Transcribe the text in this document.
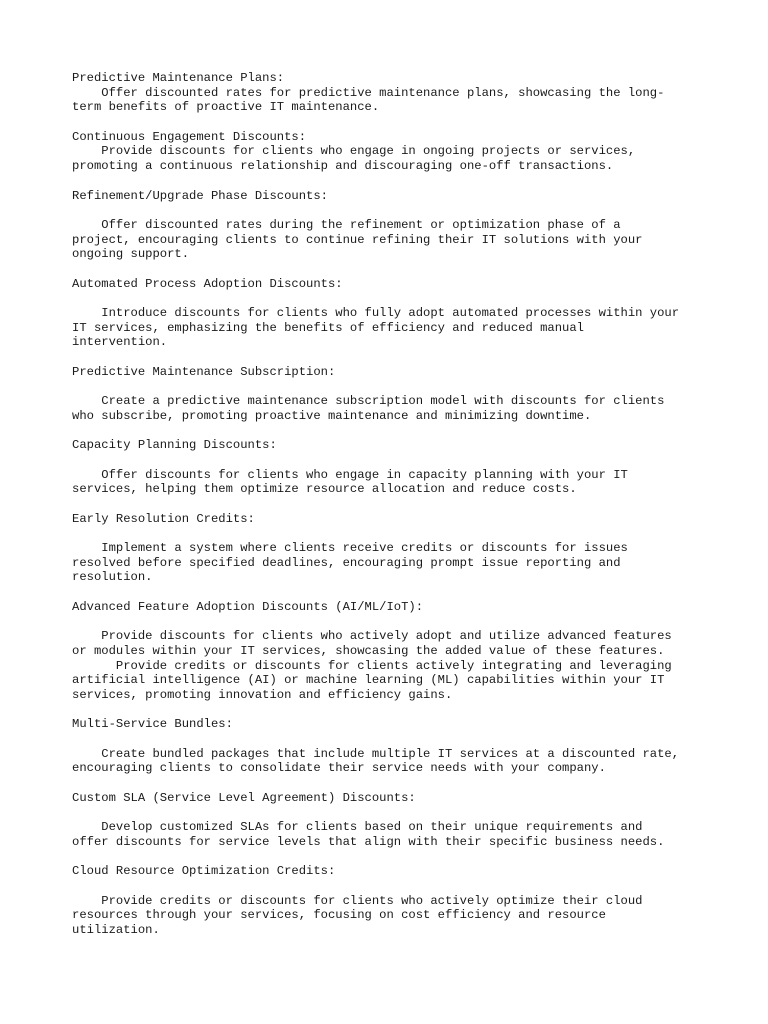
Predictive Maintenance Plans:
Offer discounted rates for predictive maintenance plans, showcasing the long-
term benefits of proactive IT maintenance.
Continuous Engagement Discounts:
Provide discounts for clients who engage in ongoing projects or services,
promoting a continuous relationship and discouraging one-off transactions.
Refinement/Upgrade Phase Discounts:
Offer discounted rates during the refinement or optimization phase of a
project, encouraging clients to continue refining their IT solutions with your
ongoing support.
Automated Process Adoption Discounts:
Introduce discounts for clients who fully adopt automated processes within your
IT services, emphasizing the benefits of efficiency and reduced manual
intervention.
Predictive Maintenance Subscription:
Create a predictive maintenance subscription model with discounts for clients
who subscribe, promoting proactive maintenance and minimizing downtime.
Capacity Planning Discounts:
Offer discounts for clients who engage in capacity planning with your IT
services, helping them optimize resource allocation and reduce costs.
Early Resolution Credits:
Implement a system where clients receive credits or discounts for issues
resolved before specified deadlines, encouraging prompt issue reporting and
resolution.
Advanced Feature Adoption Discounts (AI/ML/IoT):
Provide discounts for clients who actively adopt and utilize advanced features
or modules within your IT services, showcasing the added value of these features.
Provide credits or discounts for clients actively integrating and leveraging
artificial intelligence (AI) or machine learning (ML) capabilities within your IT
services, promoting innovation and efficiency gains.
Multi-Service Bundles:
Create bundled packages that include multiple IT services at a discounted rate,
encouraging clients to consolidate their service needs with your company.
Custom SLA (Service Level Agreement) Discounts:
Develop customized SLAs for clients based on their unique requirements and
offer discounts for service levels that align with their specific business needs.
Cloud Resource Optimization Credits:
Provide credits or discounts for clients who actively optimize their cloud
resources through your services, focusing on cost efficiency and resource
utilization.
